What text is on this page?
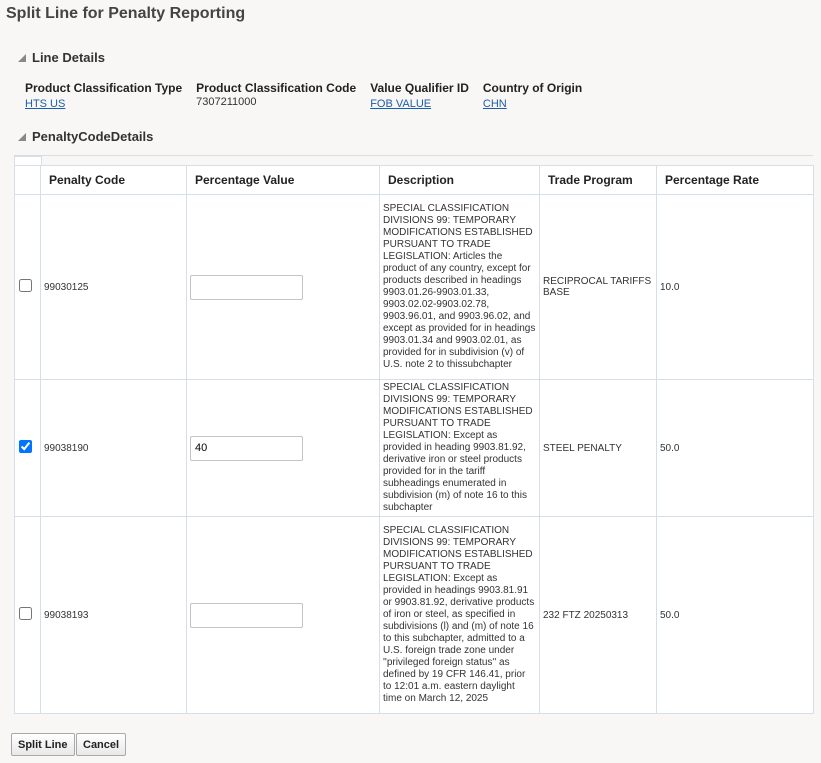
Split Line for Penalty Reporting
Line Details
Product Classification Type
HTS US
Product Classification Code
7307211000
Value Qualifier ID
FOB VALUE
Country of Origin
CHN
PenaltyCodeDetails
	Penalty Code	Percentage Value	Description	Trade Program	Percentage Rate
	99030125		SPECIAL CLASSIFICATION DIVISIONS 99: TEMPORARY MODIFICATIONS ESTABLISHED PURSUANT TO TRADE LEGISLATION: Articles the product of any country, except for products described in headings 9903.01.26-9903.01.33, 9903.02.02-9903.02.78, 9903.96.01, and 9903.96.02, and except as provided for in headings 9903.01.34 and 9903.02.01, as provided for in subdivision (v) of U.S. note 2 to thissubchapter	RECIPROCAL TARIFFS BASE	10.0
	99038190	40	SPECIAL CLASSIFICATION DIVISIONS 99: TEMPORARY MODIFICATIONS ESTABLISHED PURSUANT TO TRADE LEGISLATION: Except as provided in heading 9903.81.92, derivative iron or steel products provided for in the tariff subheadings enumerated in subdivision (m) of note 16 to this subchapter	STEEL PENALTY	50.0
	99038193		SPECIAL CLASSIFICATION DIVISIONS 99: TEMPORARY MODIFICATIONS ESTABLISHED PURSUANT TO TRADE LEGISLATION: Except as provided in headings 9903.81.91 or 9903.81.92, derivative products of iron or steel, as specified in subdivisions (l) and (m) of note 16 to this subchapter, admitted to a U.S. foreign trade zone under ''privileged foreign status'' as defined by 19 CFR 146.41, prior to 12:01 a.m. eastern daylight time on March 12, 2025	232 FTZ 20250313	50.0
Split Line	Cancel
